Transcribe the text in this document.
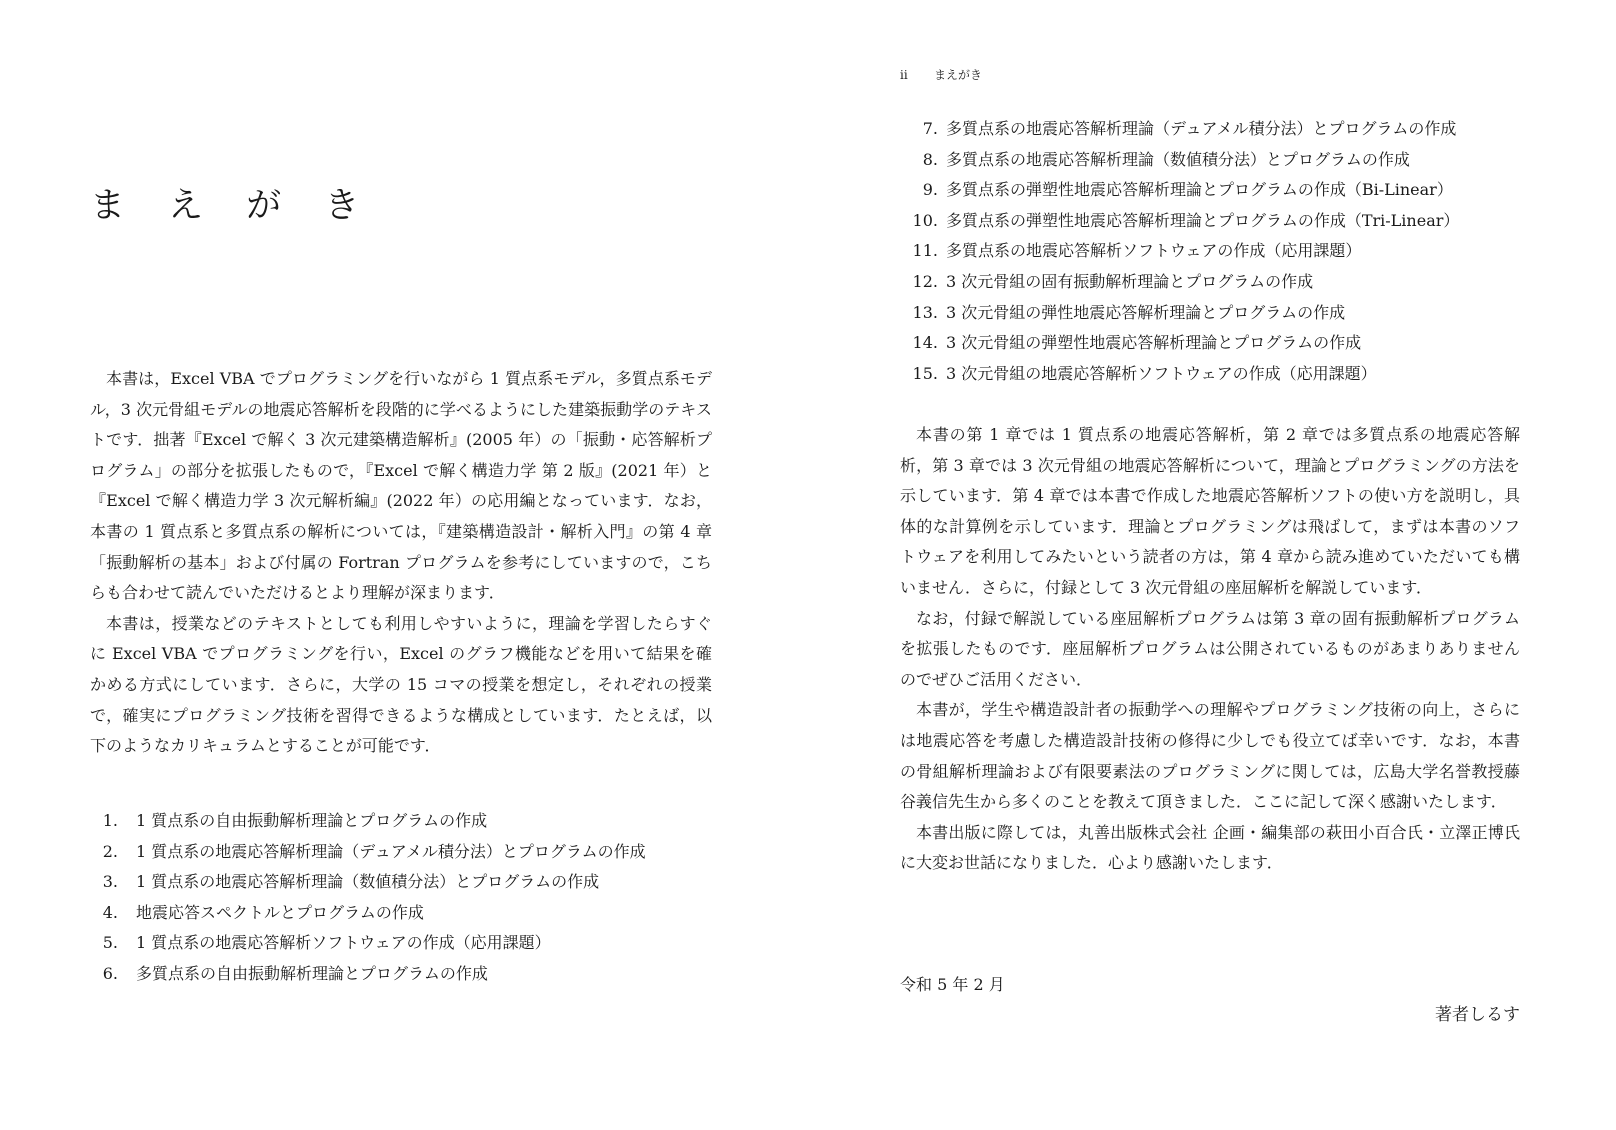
ま え が き

本書は，Excel VBA でプログラミングを行いながら 1 質点系モデル，多質点系モデル，3 次元骨組モデルの地震応答解析を段階的に学べるようにした建築振動学のテキストです．拙著『Excel で解く 3 次元建築構造解析』(2005 年）の「振動・応答解析プログラム」の部分を拡張したもので，『Excel で解く構造力学 第 2 版』(2021 年）と『Excel で解く構造力学 3 次元解析編』(2022 年）の応用編となっています．なお，本書の 1 質点系と多質点系の解析については，『建築構造設計・解析入門』の第 4 章「振動解析の基本」および付属の Fortran プログラムを参考にしていますので，こちらも合わせて読んでいただけるとより理解が深まります．

本書は，授業などのテキストとしても利用しやすいように，理論を学習したらすぐに Excel VBA でプログラミングを行い，Excel のグラフ機能などを用いて結果を確かめる方式にしています．さらに，大学の 15 コマの授業を想定し，それぞれの授業で，確実にプログラミング技術を習得できるような構成としています．たとえば，以下のようなカリキュラムとすることが可能です．

1. 1 質点系の自由振動解析理論とプログラムの作成
2. 1 質点系の地震応答解析理論（デュアメル積分法）とプログラムの作成
3. 1 質点系の地震応答解析理論（数値積分法）とプログラムの作成
4. 地震応答スペクトルとプログラムの作成
5. 1 質点系の地震応答解析ソフトウェアの作成（応用課題）
6. 多質点系の自由振動解析理論とプログラムの作成
ii まえがき
7. 多質点系の地震応答解析理論（デュアメル積分法）とプログラムの作成
8. 多質点系の地震応答解析理論（数値積分法）とプログラムの作成
9. 多質点系の弾塑性地震応答解析理論とプログラムの作成（Bi-Linear）
10. 多質点系の弾塑性地震応答解析理論とプログラムの作成（Tri-Linear）
11. 多質点系の地震応答解析ソフトウェアの作成（応用課題）
12. 3 次元骨組の固有振動解析理論とプログラムの作成
13. 3 次元骨組の弾性地震応答解析理論とプログラムの作成
14. 3 次元骨組の弾塑性地震応答解析理論とプログラムの作成
15. 3 次元骨組の地震応答解析ソフトウェアの作成（応用課題）

本書の第 1 章では 1 質点系の地震応答解析，第 2 章では多質点系の地震応答解析，第 3 章では 3 次元骨組の地震応答解析について，理論とプログラミングの方法を示しています．第 4 章では本書で作成した地震応答解析ソフトの使い方を説明し，具体的な計算例を示しています．理論とプログラミングは飛ばして，まずは本書のソフトウェアを利用してみたいという読者の方は，第 4 章から読み進めていただいても構いません．さらに，付録として 3 次元骨組の座屈解析を解説しています．

なお，付録で解説している座屈解析プログラムは第 3 章の固有振動解析プログラムを拡張したものです．座屈解析プログラムは公開されているものがあまりありませんのでぜひご活用ください．

本書が，学生や構造設計者の振動学への理解やプログラミング技術の向上，さらには地震応答を考慮した構造設計技術の修得に少しでも役立てば幸いです．なお，本書の骨組解析理論および有限要素法のプログラミングに関しては，広島大学名誉教授藤谷義信先生から多くのことを教えて頂きました．ここに記して深く感謝いたします．

本書出版に際しては，丸善出版株式会社 企画・編集部の萩田小百合氏・立澤正博氏に大変お世話になりました．心より感謝いたします．

令和 5 年 2 月
著者しるす
